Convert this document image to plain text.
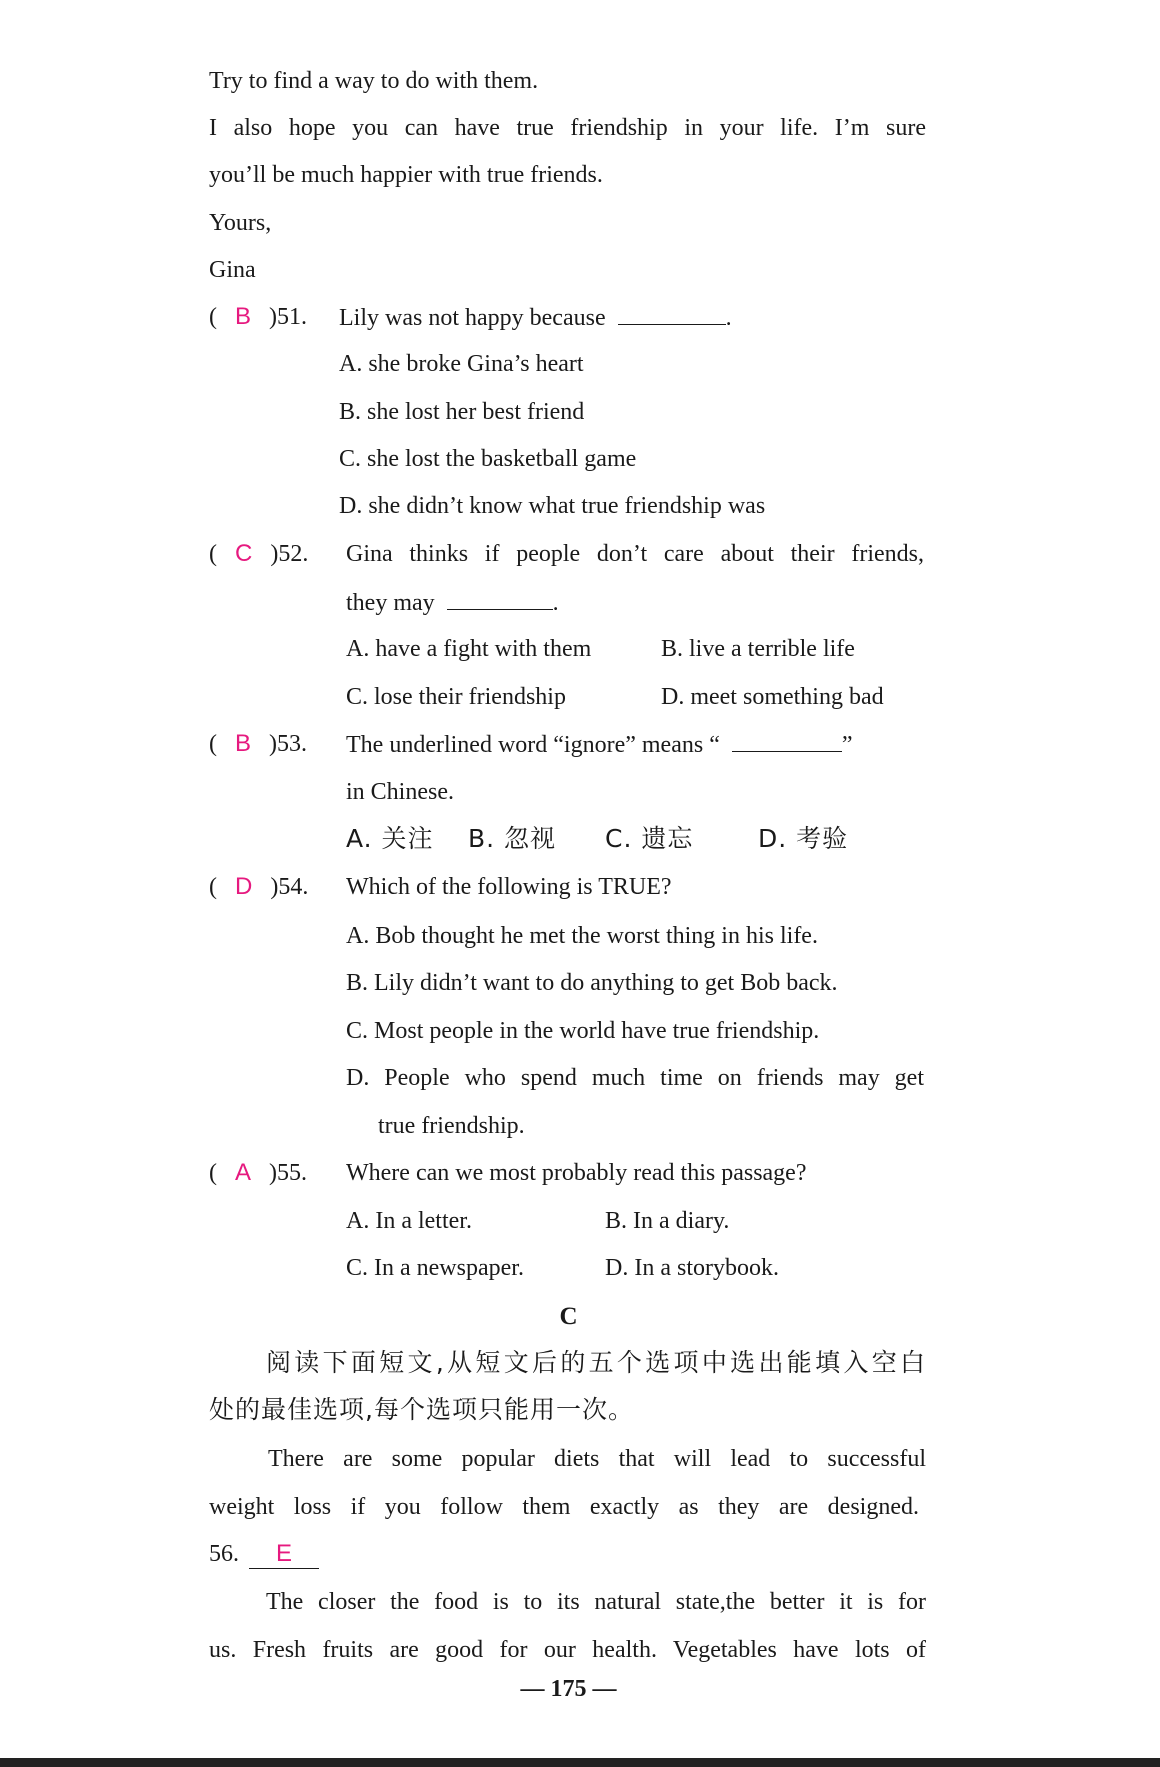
Try to find a way to do with them.
I also hope you can have true friendship in your life. I’m sure
you’ll be much happier with true friends.
Yours,
Gina
(   B   )51. Lily was not happy because	.
A. she broke Gina’s heart
B. she lost her best friend
C. she lost the basketball game
D. she didn’t know what true friendship was
(   C   )52. Gina thinks if people don’t care about their friends,
they may	.
A. have a fight with them	B. live a terrible life
C. lose their friendship	D. meet something bad
(   B   )53. The underlined word “ignore” means “	”
in Chinese.
A. 关注 B. 忽视 C. 遗忘	D. 考验
(   D   )54. Which of the following is TRUE?
A. Bob thought he met the worst thing in his life.
B. Lily didn’t want to do anything to get Bob back.
C. Most people in the world have true friendship.
D. People who spend much time on friends may get
true friendship.
(   A   )55. Where can we most probably read this passage?
A. In a letter.	B. In a diary.
C. In a newspaper.	D. In a storybook.
C
阅读下面短文,从短文后的五个选项中选出能填入空白
处的最佳选项,每个选项只能用一次。
There are some popular diets that will lead to successful
weight loss if you follow them exactly as they are designed.
56. E
The closer the food is to its natural state,the better it is for
us. Fresh fruits are good for our health. Vegetables have lots of
— 175 —
